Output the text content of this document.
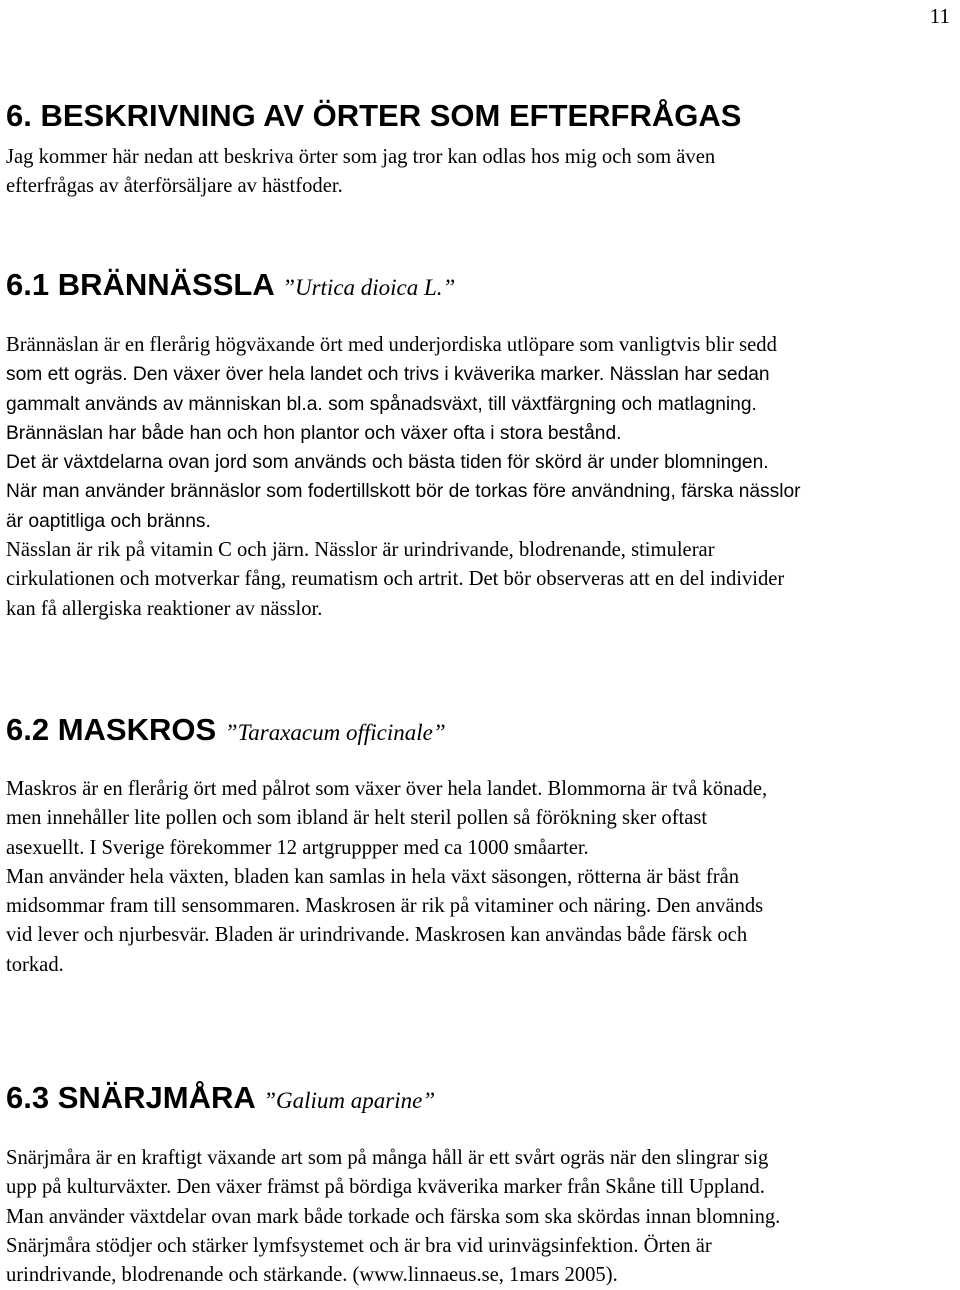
11
6. BESKRIVNING AV ÖRTER SOM EFTERFRÅGAS
Jag kommer här nedan att beskriva örter som jag tror kan odlas hos mig och som även
efterfrågas av återförsäljare av hästfoder.
6.1 BRÄNNÄSSLA ”Urtica dioica L.”
Brännäslan är en flerårig högväxande ört med underjordiska utlöpare som vanligtvis blir sedd
som ett ogräs. Den växer över hela landet och trivs i kväverika marker. Nässlan har sedan
gammalt används av människan bl.a. som spånadsväxt, till växtfärgning och matlagning.
Brännäslan har både han och hon plantor och växer ofta i stora bestånd.
Det är växtdelarna ovan jord som används och bästa tiden för skörd är under blomningen.
När man använder brännäslor som fodertillskott bör de torkas före användning, färska nässlor
är oaptitliga och bränns.
Nässlan är rik på vitamin C och järn. Nässlor är urindrivande, blodrenande, stimulerar
cirkulationen och motverkar fång, reumatism och artrit. Det bör observeras att en del individer
kan få allergiska reaktioner av nässlor.
6.2 MASKROS ”Taraxacum officinale”
Maskros är en flerårig ört med pålrot som växer över hela landet. Blommorna är två könade,
men innehåller lite pollen och som ibland är helt steril pollen så förökning sker oftast
asexuellt. I Sverige förekommer 12 artgruppper med ca 1000 småarter.
Man använder hela växten, bladen kan samlas in hela växt säsongen, rötterna är bäst från
midsommar fram till sensommaren. Maskrosen är rik på vitaminer och näring. Den används
vid lever och njurbesvär. Bladen är urindrivande. Maskrosen kan användas både färsk och
torkad.
6.3 SNÄRJMÅRA ”Galium aparine”
Snärjmåra är en kraftigt växande art som på många håll är ett svårt ogräs när den slingrar sig
upp på kulturväxter. Den växer främst på bördiga kväverika marker från Skåne till Uppland.
Man använder växtdelar ovan mark både torkade och färska som ska skördas innan blomning.
Snärjmåra stödjer och stärker lymfsystemet och är bra vid urinvägsinfektion. Örten är
urindrivande, blodrenande och stärkande. (www.linnaeus.se, 1mars 2005).
